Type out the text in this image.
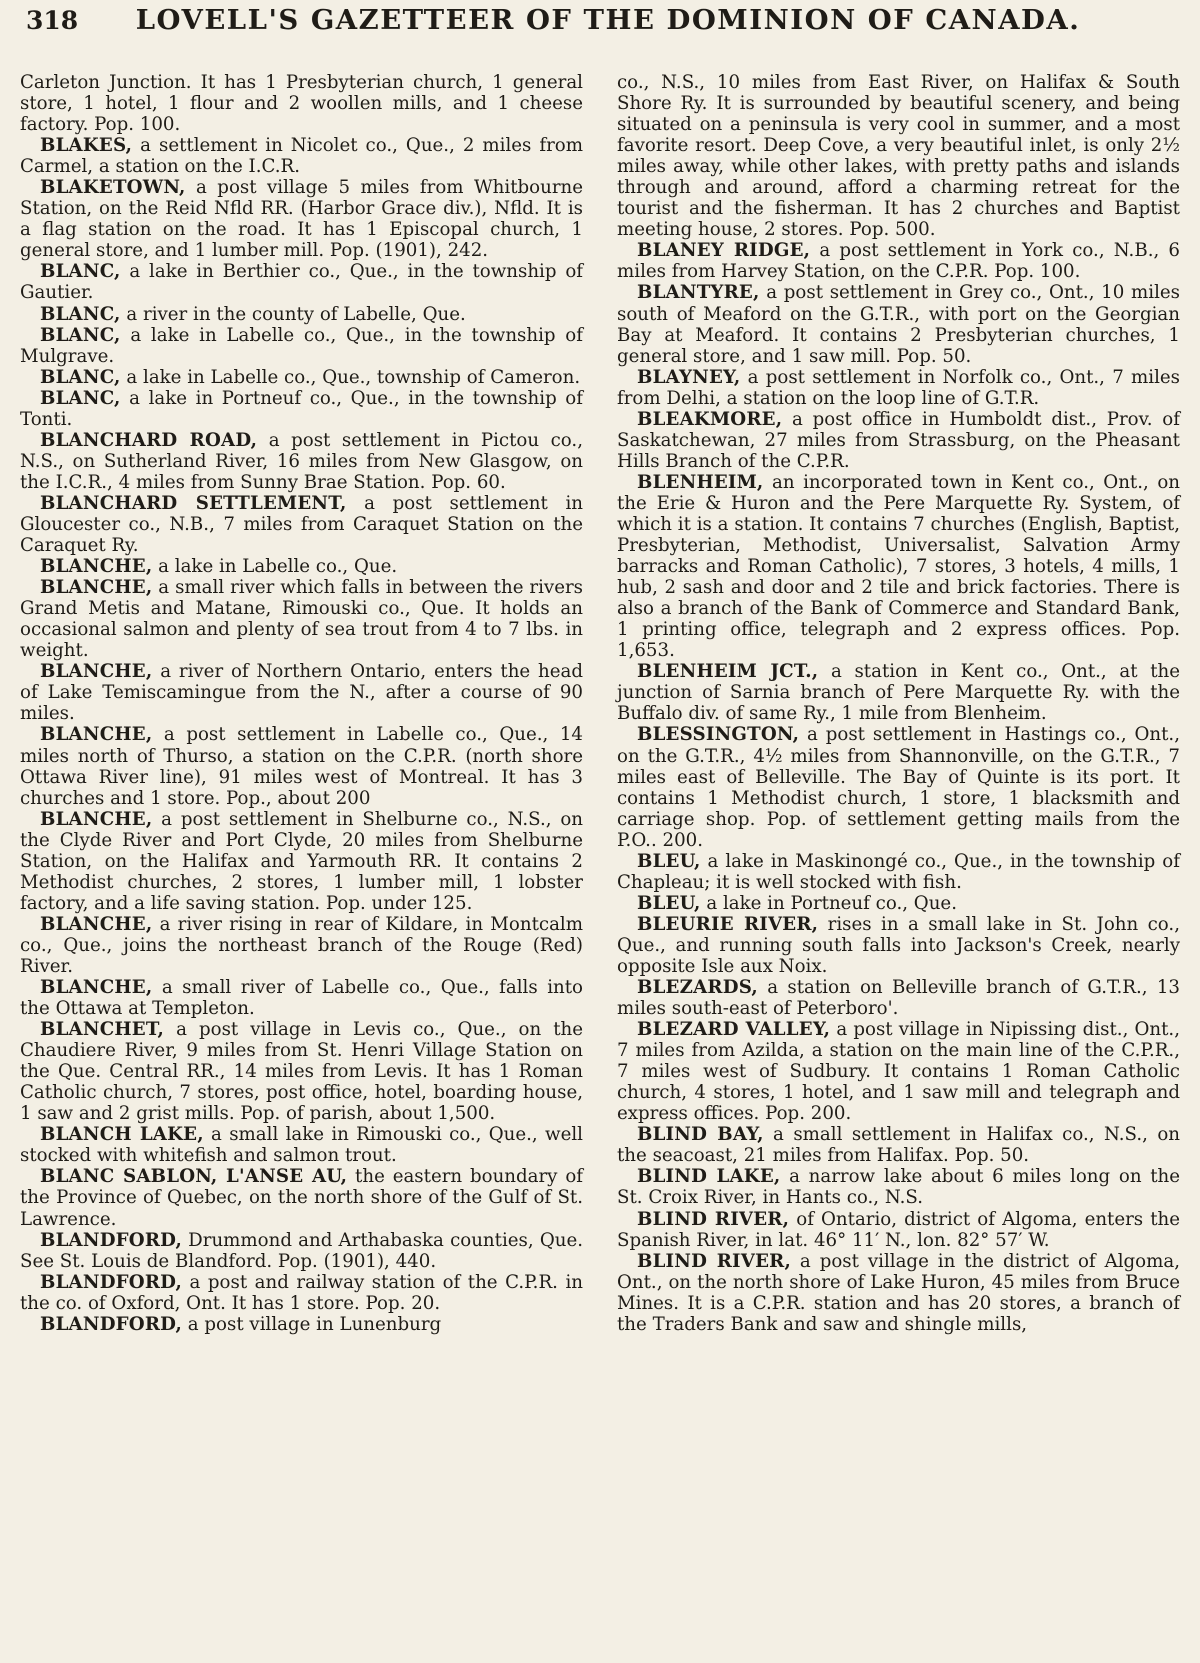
318	LOVELL'S GAZETTEER OF THE DOMINION OF CANADA.

Carleton Junction. It has 1 Presbyterian church, 1 general store, 1 hotel, 1 flour and 2 woollen mills, and 1 cheese factory. Pop. 100.

BLAKES, a settlement in Nicolet co., Que., 2 miles from Carmel, a station on the I.C.R.

BLAKETOWN, a post village 5 miles from Whitbourne Station, on the Reid Nfld RR. (Harbor Grace div.), Nfld. It is a flag station on the road. It has 1 Episcopal church, 1 general store, and 1 lumber mill. Pop. (1901), 242.

BLANC, a lake in Berthier co., Que., in the township of Gautier.

BLANC, a river in the county of Labelle, Que.

BLANC, a lake in Labelle co., Que., in the township of Mulgrave.

BLANC, a lake in Labelle co., Que., township of Cameron.

BLANC, a lake in Portneuf co., Que., in the township of Tonti.

BLANCHARD ROAD, a post settlement in Pictou co., N.S., on Sutherland River, 16 miles from New Glasgow, on the I.C.R., 4 miles from Sunny Brae Station. Pop. 60.

BLANCHARD SETTLEMENT, a post settlement in Gloucester co., N.B., 7 miles from Caraquet Station on the Caraquet Ry.

BLANCHE, a lake in Labelle co., Que.

BLANCHE, a small river which falls in between the rivers Grand Metis and Matane, Rimouski co., Que. It holds an occasional salmon and plenty of sea trout from 4 to 7 lbs. in weight.

BLANCHE, a river of Northern Ontario, enters the head of Lake Temiscamingue from the N., after a course of 90 miles.

BLANCHE, a post settlement in Labelle co., Que., 14 miles north of Thurso, a station on the C.P.R. (north shore Ottawa River line), 91 miles west of Montreal. It has 3 churches and 1 store. Pop., about 200

BLANCHE, a post settlement in Shelburne co., N.S., on the Clyde River and Port Clyde, 20 miles from Shelburne Station, on the Halifax and Yarmouth RR. It contains 2 Methodist churches, 2 stores, 1 lumber mill, 1 lobster factory, and a life saving station. Pop. under 125.

BLANCHE, a river rising in rear of Kildare, in Montcalm co., Que., joins the northeast branch of the Rouge (Red) River.

BLANCHE, a small river of Labelle co., Que., falls into the Ottawa at Templeton.

BLANCHET, a post village in Levis co., Que., on the Chaudiere River, 9 miles from St. Henri Village Station on the Que. Central RR., 14 miles from Levis. It has 1 Roman Catholic church, 7 stores, post office, hotel, boarding house, 1 saw and 2 grist mills. Pop. of parish, about 1,500.

BLANCH LAKE, a small lake in Rimouski co., Que., well stocked with whitefish and salmon trout.

BLANC SABLON, L'ANSE AU, the eastern boundary of the Province of Quebec, on the north shore of the Gulf of St. Lawrence.

BLANDFORD, Drummond and Arthabaska counties, Que. See St. Louis de Blandford. Pop. (1901), 440.

BLANDFORD, a post and railway station of the C.P.R. in the co. of Oxford, Ont. It has 1 store. Pop. 20.

BLANDFORD, a post village in Lunenburg

co., N.S., 10 miles from East River, on Halifax & South Shore Ry. It is surrounded by beautiful scenery, and being situated on a peninsula is very cool in summer, and a most favorite resort. Deep Cove, a very beautiful inlet, is only 2½ miles away, while other lakes, with pretty paths and islands through and around, afford a charming retreat for the tourist and the fisherman. It has 2 churches and Baptist meeting house, 2 stores. Pop. 500.

BLANEY RIDGE, a post settlement in York co., N.B., 6 miles from Harvey Station, on the C.P.R. Pop. 100.

BLANTYRE, a post settlement in Grey co., Ont., 10 miles south of Meaford on the G.T.R., with port on the Georgian Bay at Meaford. It contains 2 Presbyterian churches, 1 general store, and 1 saw mill. Pop. 50.

BLAYNEY, a post settlement in Norfolk co., Ont., 7 miles from Delhi, a station on the loop line of G.T.R.

BLEAKMORE, a post office in Humboldt dist., Prov. of Saskatchewan, 27 miles from Strassburg, on the Pheasant Hills Branch of the C.P.R.

BLENHEIM, an incorporated town in Kent co., Ont., on the Erie & Huron and the Pere Marquette Ry. System, of which it is a station. It contains 7 churches (English, Baptist, Presbyterian, Methodist, Universalist, Salvation Army barracks and Roman Catholic), 7 stores, 3 hotels, 4 mills, 1 hub, 2 sash and door and 2 tile and brick factories. There is also a branch of the Bank of Commerce and Standard Bank, 1 printing office, telegraph and 2 express offices. Pop. 1,653.

BLENHEIM JCT., a station in Kent co., Ont., at the junction of Sarnia branch of Pere Marquette Ry. with the Buffalo div. of same Ry., 1 mile from Blenheim.

BLESSINGTON, a post settlement in Hastings co., Ont., on the G.T.R., 4½ miles from Shannonville, on the G.T.R., 7 miles east of Belleville. The Bay of Quinte is its port. It contains 1 Methodist church, 1 store, 1 blacksmith and carriage shop. Pop. of settlement getting mails from the P.O.. 200.

BLEU, a lake in Maskinongé co., Que., in the township of Chapleau; it is well stocked with fish.

BLEU, a lake in Portneuf co., Que.

BLEURIE RIVER, rises in a small lake in St. John co., Que., and running south falls into Jackson's Creek, nearly opposite Isle aux Noix.

BLEZARDS, a station on Belleville branch of G.T.R., 13 miles south-east of Peterboro'.

BLEZARD VALLEY, a post village in Nipissing dist., Ont., 7 miles from Azilda, a station on the main line of the C.P.R., 7 miles west of Sudbury. It contains 1 Roman Catholic church, 4 stores, 1 hotel, and 1 saw mill and telegraph and express offices. Pop. 200.

BLIND BAY, a small settlement in Halifax co., N.S., on the seacoast, 21 miles from Halifax. Pop. 50.

BLIND LAKE, a narrow lake about 6 miles long on the St. Croix River, in Hants co., N.S.

BLIND RIVER, of Ontario, district of Algoma, enters the Spanish River, in lat. 46° 11′ N., lon. 82° 57′ W.

BLIND RIVER, a post village in the district of Algoma, Ont., on the north shore of Lake Huron, 45 miles from Bruce Mines. It is a C.P.R. station and has 20 stores, a branch of the Traders Bank and saw and shingle mills,
